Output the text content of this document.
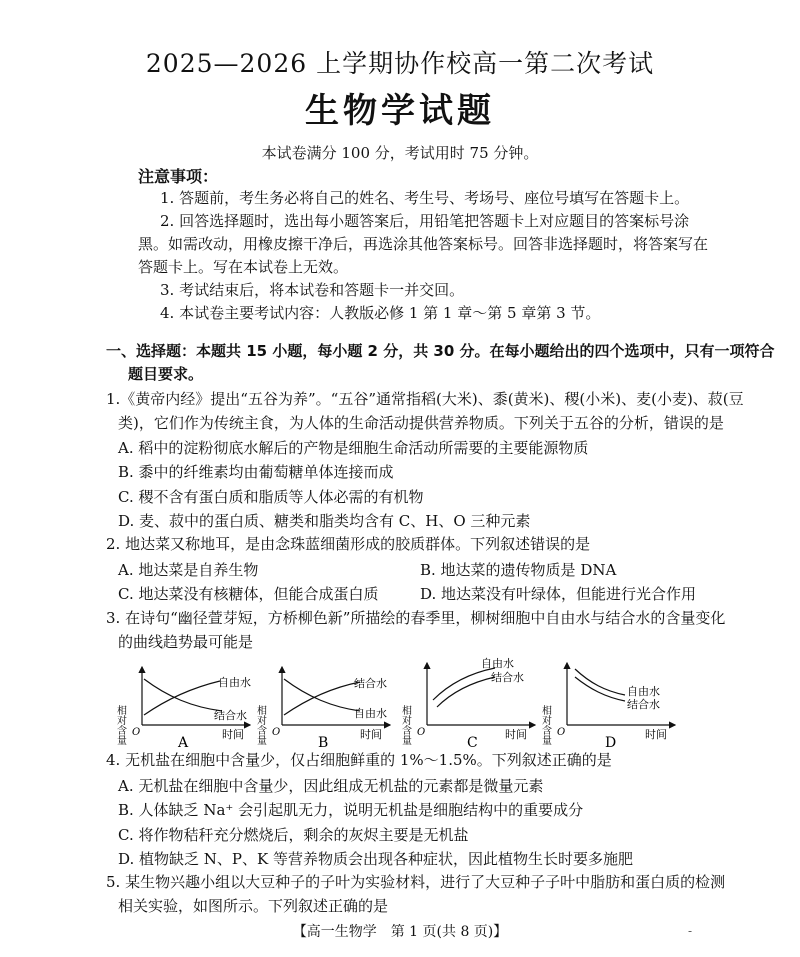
2025—2026 上学期协作校高一第二次考试
生物学试题
本试卷满分 100 分，考试用时 75 分钟。
注意事项：
1. 答题前，考生务必将自己的姓名、考生号、考场号、座位号填写在答题卡上。
2. 回答选择题时，选出每小题答案后，用铅笔把答题卡上对应题目的答案标号涂
黑。如需改动，用橡皮擦干净后，再选涂其他答案标号。回答非选择题时，将答案写在
答题卡上。写在本试卷上无效。
3. 考试结束后，将本试卷和答题卡一并交回。
4. 本试卷主要考试内容：人教版必修 1 第 1 章～第 5 章第 3 节。
一、选择题：本题共 15 小题，每小题 2 分，共 30 分。在每小题给出的四个选项中，只有一项符合
题目要求。
1.《黄帝内经》提出“五谷为养”。“五谷”通常指稻(大米)、黍(黄米)、稷(小米)、麦(小麦)、菽(豆
类)，它们作为传统主食，为人体的生命活动提供营养物质。下列关于五谷的分析，错误的是
A. 稻中的淀粉彻底水解后的产物是细胞生命活动所需要的主要能源物质
B. 黍中的纤维素均由葡萄糖单体连接而成
C. 稷不含有蛋白质和脂质等人体必需的有机物
D. 麦、菽中的蛋白质、糖类和脂类均含有 C、H、O 三种元素
2. 地达菜又称地耳，是由念珠蓝细菌形成的胶质群体。下列叙述错误的是
A. 地达菜是自养生物	B. 地达菜的遗传物质是 DNA
C. 地达菜没有核糖体，但能合成蛋白质	D. 地达菜没有叶绿体，但能进行光合作用
3. 在诗句“幽径萱芽短，方桥柳色新”所描绘的春季里，柳树细胞中自由水与结合水的含量变化
的曲线趋势最可能是
相对含量
自由水
结合水
O	时间
A	相对含量
结合水
自由水
O	时间
B	相对含量
自由水
结合水
O	时间
C	相对含量
自由水
结合水
O	时间
D
4. 无机盐在细胞中含量少，仅占细胞鲜重的 1%～1.5%。下列叙述正确的是
A. 无机盐在细胞中含量少，因此组成无机盐的元素都是微量元素
B. 人体缺乏 Na⁺ 会引起肌无力，说明无机盐是细胞结构中的重要成分
C. 将作物秸秆充分燃烧后，剩余的灰烬主要是无机盐
D. 植物缺乏 N、P、K 等营养物质会出现各种症状，因此植物生长时要多施肥
5. 某生物兴趣小组以大豆种子的子叶为实验材料，进行了大豆种子子叶中脂肪和蛋白质的检测
相关实验，如图所示。下列叙述正确的是
【高一生物学　第 1 页(共 8 页)】	-
